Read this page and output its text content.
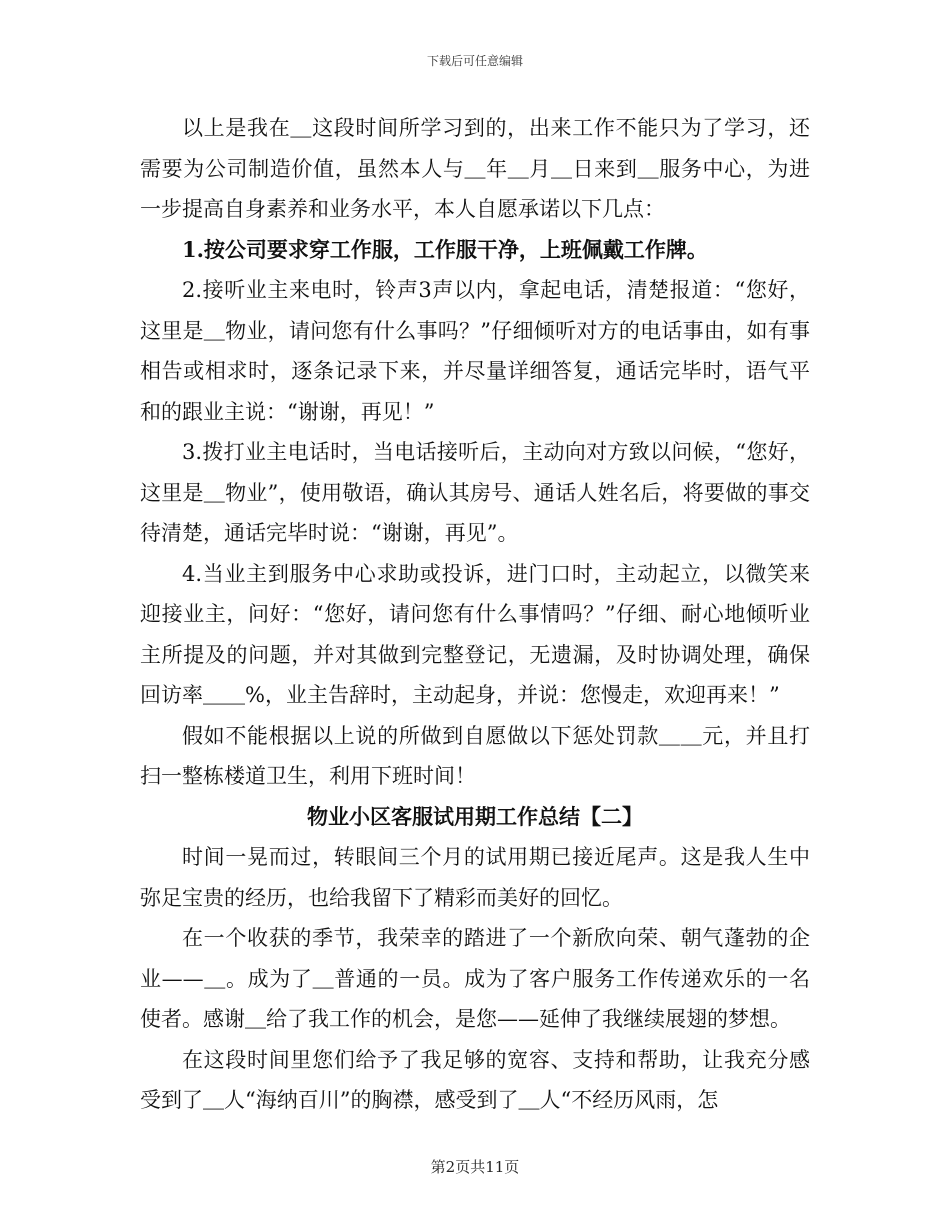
下载后可任意编辑

以上是我在＿这段时间所学习到的，出来工作不能只为了学习，还需要为公司制造价值，虽然本人与＿年＿月＿日来到＿服务中心，为进一步提高自身素养和业务水平，本人自愿承诺以下几点：

1.按公司要求穿工作服，工作服干净，上班佩戴工作牌。

2.接听业主来电时，铃声3声以内，拿起电话，清楚报道：“您好，这里是＿物业，请问您有什么事吗？”仔细倾听对方的电话事由，如有事相告或相求时，逐条记录下来，并尽量详细答复，通话完毕时，语气平和的跟业主说：“谢谢，再见！”

3.拨打业主电话时，当电话接听后，主动向对方致以问候，“您好，这里是＿物业”，使用敬语，确认其房号、通话人姓名后，将要做的事交待清楚，通话完毕时说：“谢谢，再见”。

4.当业主到服务中心求助或投诉，进门口时，主动起立，以微笑来迎接业主，问好：“您好，请问您有什么事情吗？”仔细、耐心地倾听业主所提及的问题，并对其做到完整登记，无遗漏，及时协调处理，确保回访率＿＿%，业主告辞时，主动起身，并说：您慢走，欢迎再来！”

假如不能根据以上说的所做到自愿做以下惩处罚款＿＿元，并且打扫一整栋楼道卫生，利用下班时间！

物业小区客服试用期工作总结【二】

时间一晃而过，转眼间三个月的试用期已接近尾声。这是我人生中弥足宝贵的经历，也给我留下了精彩而美好的回忆。

在一个收获的季节，我荣幸的踏进了一个新欣向荣、朝气蓬勃的企业——＿。成为了＿普通的一员。成为了客户服务工作传递欢乐的一名使者。感谢＿给了我工作的机会，是您——延伸了我继续展翅的梦想。

在这段时间里您们给予了我足够的宽容、支持和帮助，让我充分感受到了＿人“海纳百川”的胸襟，感受到了＿人“不经历风雨，怎

第2页共11页
